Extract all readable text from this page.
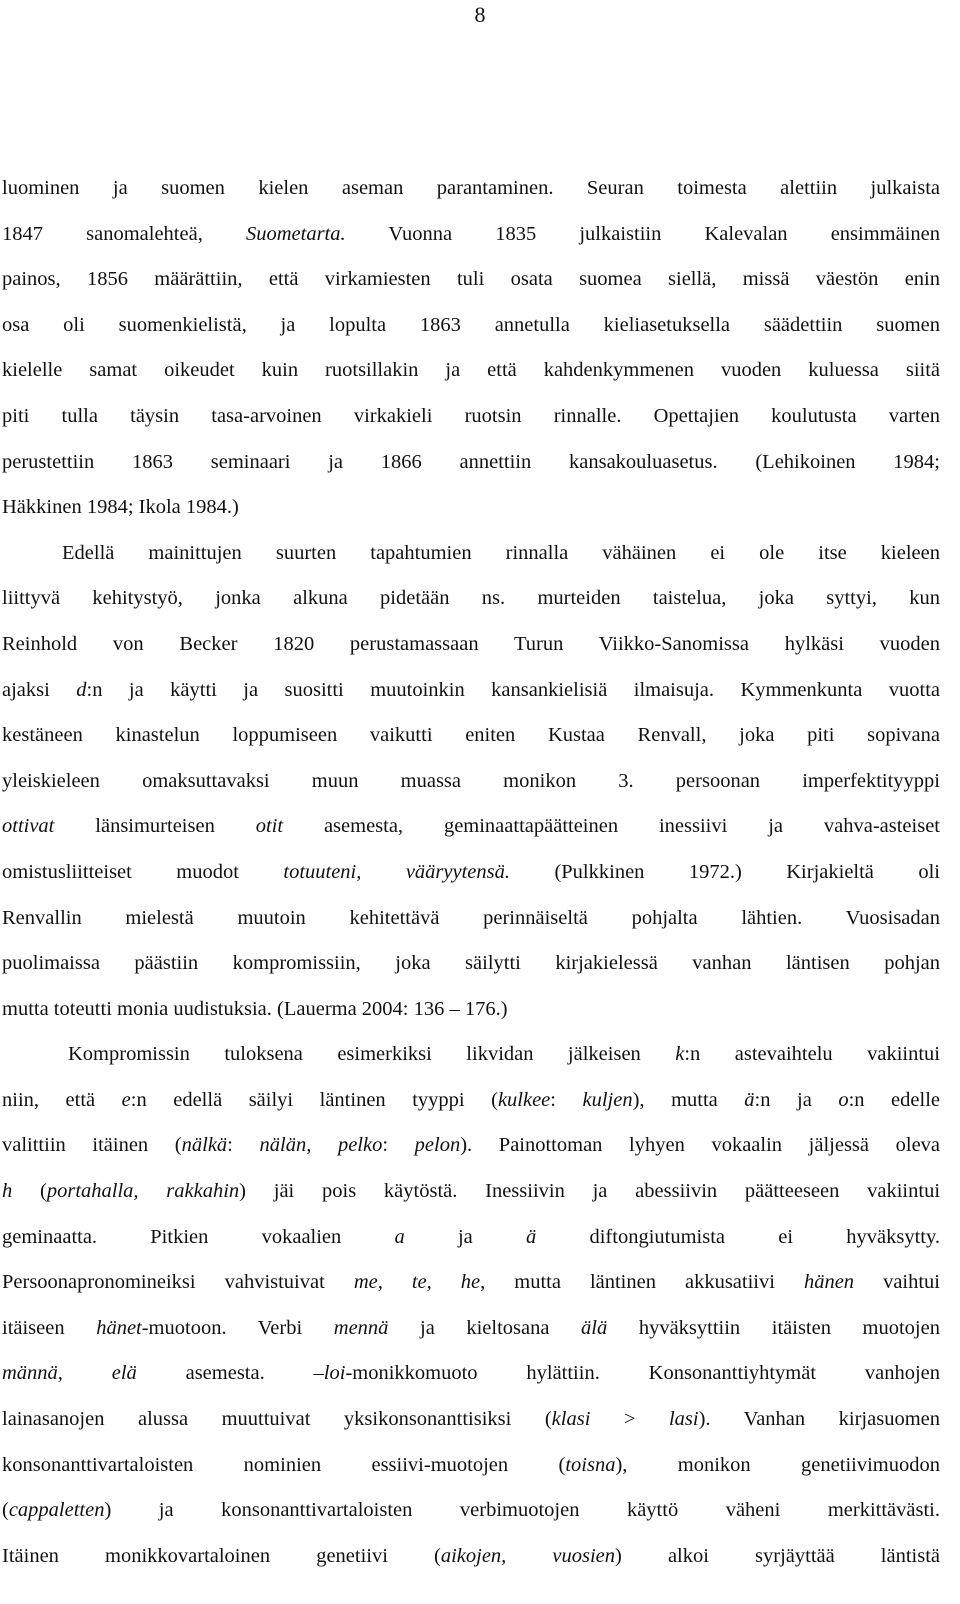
8
luominen ja suomen kielen aseman parantaminen. Seuran toimesta alettiin julkaista
1847 sanomalehteä, Suometarta. Vuonna 1835 julkaistiin Kalevalan ensimmäinen
painos, 1856 määrättiin, että virkamiesten tuli osata suomea siellä, missä väestön enin
osa oli suomenkielistä, ja lopulta 1863 annetulla kieliasetuksella säädettiin suomen
kielelle samat oikeudet kuin ruotsillakin ja että kahdenkymmenen vuoden kuluessa siitä
piti tulla täysin tasa-arvoinen virkakieli ruotsin rinnalle. Opettajien koulutusta varten
perustettiin 1863 seminaari ja 1866 annettiin kansakouluasetus. (Lehikoinen 1984;
Häkkinen 1984; Ikola 1984.)
Edellä mainittujen suurten tapahtumien rinnalla vähäinen ei ole itse kieleen
liittyvä kehitystyö, jonka alkuna pidetään ns. murteiden taistelua, joka syttyi, kun
Reinhold von Becker 1820 perustamassaan Turun Viikko-Sanomissa hylkäsi vuoden
ajaksi d:n ja käytti ja suositti muutoinkin kansankielisiä ilmaisuja. Kymmenkunta vuotta
kestäneen kinastelun loppumiseen vaikutti eniten Kustaa Renvall, joka piti sopivana
yleiskieleen omaksuttavaksi muun muassa monikon 3. persoonan imperfektityyppi
ottivat länsimurteisen otit asemesta, geminaattapäätteinen inessiivi ja vahva-asteiset
omistusliitteiset muodot totuuteni, vääryytensä. (Pulkkinen 1972.) Kirjakieltä oli
Renvallin mielestä muutoin kehitettävä perinnäiseltä pohjalta lähtien. Vuosisadan
puolimaissa päästiin kompromissiin, joka säilytti kirjakielessä vanhan läntisen pohjan
mutta toteutti monia uudistuksia. (Lauerma 2004: 136 – 176.)
Kompromissin tuloksena esimerkiksi likvidan jälkeisen k:n astevaihtelu vakiintui
niin, että e:n edellä säilyi läntinen tyyppi (kulkee: kuljen), mutta ä:n ja o:n edelle
valittiin itäinen (nälkä: nälän, pelko: pelon). Painottoman lyhyen vokaalin jäljessä oleva
h (portahalla, rakkahin) jäi pois käytöstä. Inessiivin ja abessiivin päätteeseen vakiintui
geminaatta. Pitkien vokaalien a ja ä diftongiutumista ei hyväksytty.
Persoonapronomineiksi vahvistuivat me, te, he, mutta läntinen akkusatiivi hänen vaihtui
itäiseen hänet-muotoon. Verbi mennä ja kieltosana älä hyväksyttiin itäisten muotojen
männä, elä asemesta. –loi-monikkomuoto hylättiin. Konsonanttiyhtymät vanhojen
lainasanojen alussa muuttuivat yksikonsonanttisiksi (klasi > lasi). Vanhan kirjasuomen
konsonanttivartaloisten nominien essiivi-muotojen (toisna), monikon genetiivimuodon
(cappaletten) ja konsonanttivartaloisten verbimuotojen käyttö väheni merkittävästi.
Itäinen monikkovartaloinen genetiivi (aikojen, vuosien) alkoi syrjäyttää läntistä
